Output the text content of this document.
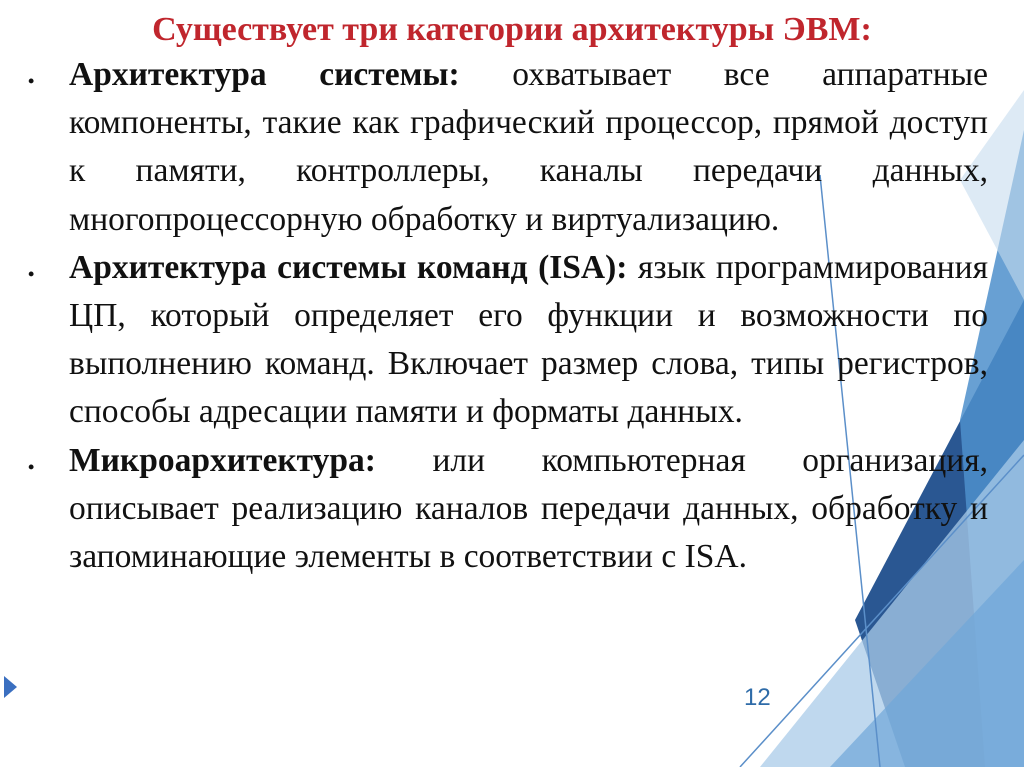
Существует три категории архитектуры ЭВМ:
• Архитектура системы: охватывает все аппаратные компоненты, такие как графический процессор, прямой доступ к памяти, контроллеры, каналы передачи данных, многопроцессорную обработку и виртуализацию.
• Архитектура системы команд (ISA): язык программирования ЦП, который определяет его функции и возможности по выполнению команд. Включает размер слова, типы регистров, способы адресации памяти и форматы данных.
• Микроархитектура: или компьютерная организация, описывает реализацию каналов передачи данных, обработку и запоминающие элементы в соответствии с ISA.
12
